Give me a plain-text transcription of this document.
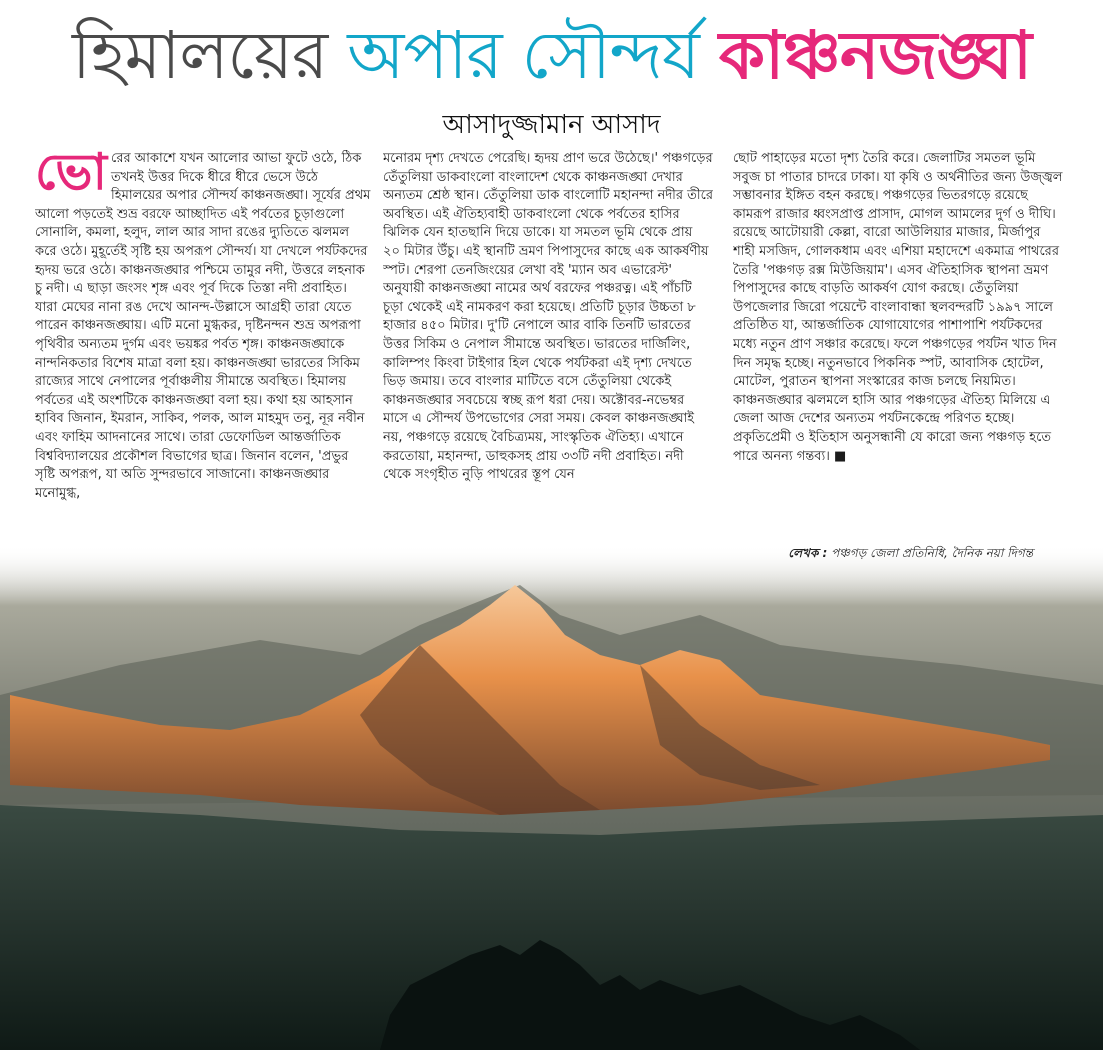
হিমালয়ের অপার সৌন্দর্য কাঞ্চনজঙ্ঘা
আসাদুজ্জামান আসাদ

ভোরের আকাশে যখন আলোর আভা ফুটে ওঠে, ঠিক তখনই উত্তর দিকে ধীরে ধীরে ভেসে উঠে হিমালয়ের অপার সৌন্দর্য কাঞ্চনজঙ্ঘা। সূর্যের প্রথম আলো পড়তেই শুভ্র বরফে আচ্ছাদিত এই পর্বতের চূড়াগুলো সোনালি, কমলা, হলুদ, লাল আর সাদা রঙের দ্যুতিতে ঝলমল করে ওঠে। মুহূর্তেই সৃষ্টি হয় অপরূপ সৌন্দর্য। যা দেখলে পর্যটকদের হৃদয় ভরে ওঠে। কাঞ্চনজঙ্ঘার পশ্চিমে তামুর নদী, উত্তরে লহনাক চু নদী। এ ছাড়া জংসং শৃঙ্গ এবং পূর্ব দিকে তিস্তা নদী প্রবাহিত। যারা মেঘের নানা রঙ দেখে আনন্দ-উল্লাসে আগ্রহী তারা যেতে পারেন কাঞ্চনজঙ্ঘায়। এটি মনো মুগ্ধকর, দৃষ্টিনন্দন শুভ্র অপরূপা পৃথিবীর অন্যতম দুর্গম এবং ভয়ঙ্কর পর্বত শৃঙ্গ। কাঞ্চনজঙ্ঘাকে নান্দনিকতার বিশেষ মাত্রা বলা হয়। কাঞ্চনজঙ্ঘা ভারতের সিকিম রাজ্যের সাথে নেপালের পূর্বাঞ্চলীয় সীমান্তে অবস্থিত। হিমালয় পর্বতের এই অংশটিকে কাঞ্চনজঙ্ঘা বলা হয়। কথা হয় আহসান হাবিব জিনান, ইমরান, সাকিব, পলক, আল মাহমুদ তনু, নূর নবীন এবং ফাহিম আদনানের সাথে। তারা ডেফোডিল আন্তর্জাতিক বিশ্ববিদ্যালয়ের প্রকৌশল বিভাগের ছাত্র। জিনান বলেন, 'প্রভুর সৃষ্টি অপরূপ, যা অতি সুন্দরভাবে সাজানো। কাঞ্চনজঙ্ঘার মনোমুগ্ধ,

মনোরম দৃশ্য দেখতে পেরেছি। হৃদয় প্রাণ ভরে উঠেছে।' পঞ্চগড়ের তেঁতুলিয়া ডাকবাংলো বাংলাদেশ থেকে কাঞ্চনজঙ্ঘা দেখার অন্যতম শ্রেষ্ঠ স্থান। তেঁতুলিয়া ডাক বাংলোটি মহানন্দা নদীর তীরে অবস্থিত। এই ঐতিহ্যবাহী ডাকবাংলো থেকে পর্বতের হাসির ঝিলিক যেন হাতছানি দিয়ে ডাকে। যা সমতল ভূমি থেকে প্রায় ২০ মিটার উঁচু। এই স্থানটি ভ্রমণ পিপাসুদের কাছে এক আকর্ষণীয় স্পট। শেরপা তেনজিংয়ের লেখা বই 'ম্যান অব এভারেস্ট' অনুযায়ী কাঞ্চনজঙ্ঘা নামের অর্থ বরফের পঞ্চরত্ন। এই পাঁচটি চূড়া থেকেই এই নামকরণ করা হয়েছে। প্রতিটি চূড়ার উচ্চতা ৮ হাজার ৪৫০ মিটার। দু'টি নেপালে আর বাকি তিনটি ভারতের উত্তর সিকিম ও নেপাল সীমান্তে অবস্থিত। ভারতের দার্জিলিং, কালিম্পং কিংবা টাইগার হিল থেকে পর্যটকরা এই দৃশ্য দেখতে ভিড় জমায়। তবে বাংলার মাটিতে বসে তেঁতুলিয়া থেকেই কাঞ্চনজঙ্ঘার সবচেয়ে স্বচ্ছ রূপ ধরা দেয়। অক্টোবর-নভেম্বর মাসে এ সৌন্দর্য উপভোগের সেরা সময়। কেবল কাঞ্চনজঙ্ঘাই নয়, পঞ্চগড়ে রয়েছে বৈচিত্র্যময়, সাংস্কৃতিক ঐতিহ্য। এখানে করতোয়া, মহানন্দা, ডাহুকসহ প্রায় ৩৩টি নদী প্রবাহিত। নদী থেকে সংগৃহীত নুড়ি পাথরের স্তূপ যেন

ছোট পাহাড়ের মতো দৃশ্য তৈরি করে। জেলাটির সমতল ভূমি সবুজ চা পাতার চাদরে ঢাকা। যা কৃষি ও অর্থনীতির জন্য উজ্জ্বল সম্ভাবনার ইঙ্গিত বহন করছে। পঞ্চগড়ের ভিতরগড়ে রয়েছে কামরূপ রাজার ধ্বংসপ্রাপ্ত প্রাসাদ, মোগল আমলের দুর্গ ও দীঘি। রয়েছে আটোয়ারী কেল্লা, বারো আউলিয়ার মাজার, মির্জাপুর শাহী মসজিদ, গোলকধাম এবং এশিয়া মহাদেশে একমাত্র পাথরের তৈরি 'পঞ্চগড় রক্স মিউজিয়াম'। এসব ঐতিহাসিক স্থাপনা ভ্রমণ পিপাসুদের কাছে বাড়তি আকর্ষণ যোগ করছে। তেঁতুলিয়া উপজেলার জিরো পয়েন্টে বাংলাবান্ধা স্থলবন্দরটি ১৯৯৭ সালে প্রতিষ্ঠিত যা, আন্তর্জাতিক যোগাযোগের পাশাপাশি পর্যটকদের মধ্যে নতুন প্রাণ সঞ্চার করেছে। ফলে পঞ্চগড়ের পর্যটন খাত দিন দিন সমৃদ্ধ হচ্ছে। নতুনভাবে পিকনিক স্পট, আবাসিক হোটেল, মোটেল, পুরাতন স্থাপনা সংস্কারের কাজ চলছে নিয়মিত। কাঞ্চনজঙ্ঘার ঝলমলে হাসি আর পঞ্চগড়ের ঐতিহ্য মিলিয়ে এ জেলা আজ দেশের অন্যতম পর্যটনকেন্দ্রে পরিণত হচ্ছে। প্রকৃতিপ্রেমী ও ইতিহাস অনুসন্ধানী যে কারো জন্য পঞ্চগড় হতে পারে অনন্য গন্তব্য। ■

লেখক : পঞ্চগড় জেলা প্রতিনিধি, দৈনিক নয়া দিগন্ত
